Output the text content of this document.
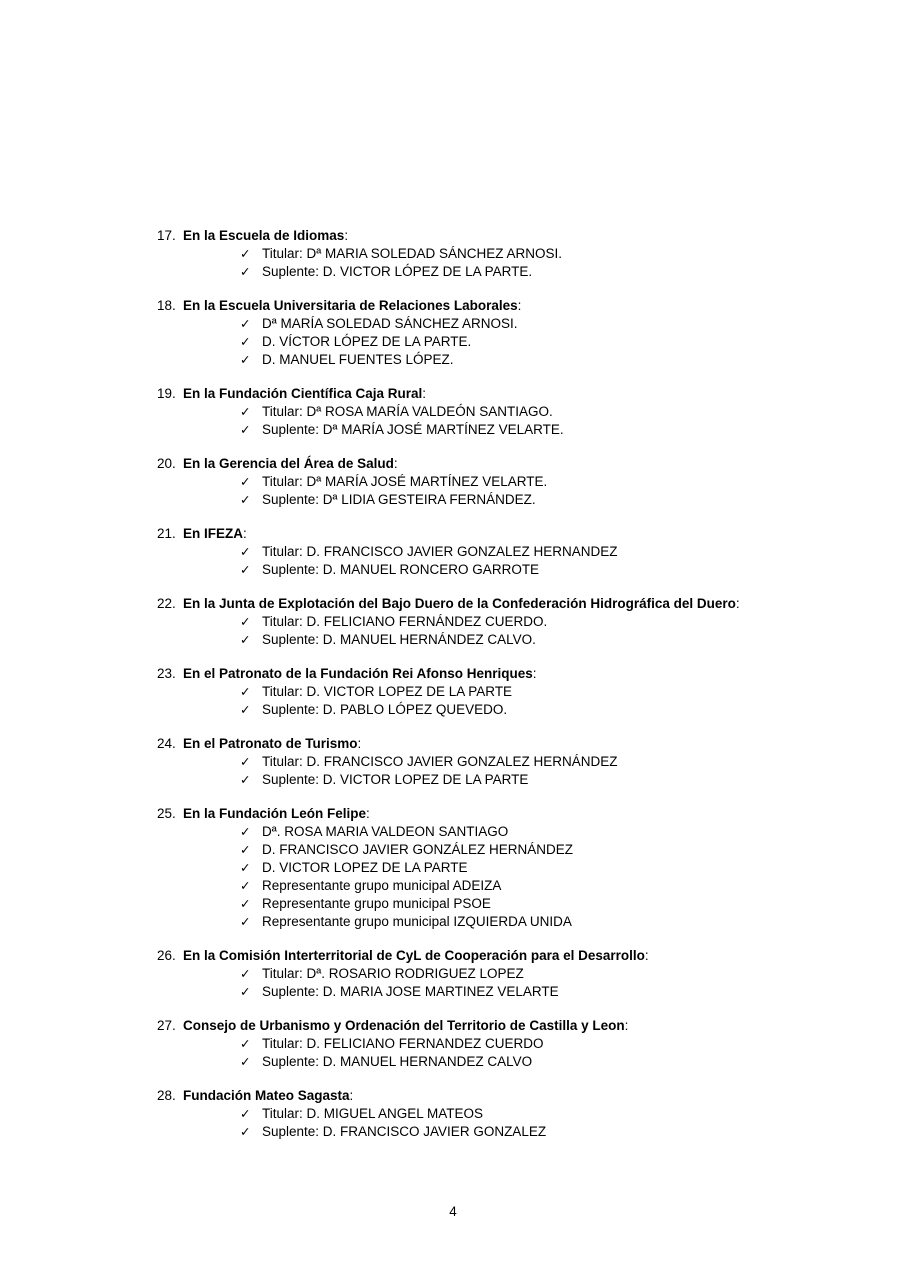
17. En la Escuela de Idiomas:
✓ Titular: Dª MARIA SOLEDAD SÁNCHEZ ARNOSI.
✓ Suplente: D. VICTOR LÓPEZ DE LA PARTE.
18. En la Escuela Universitaria de Relaciones Laborales:
✓ Dª MARÍA SOLEDAD SÁNCHEZ ARNOSI.
✓ D. VÍCTOR LÓPEZ DE LA PARTE.
✓ D. MANUEL FUENTES LÓPEZ.
19. En la Fundación Científica Caja Rural:
✓ Titular: Dª ROSA MARÍA VALDEÓN SANTIAGO.
✓ Suplente: Dª MARÍA JOSÉ MARTÍNEZ VELARTE.
20. En la Gerencia del Área de Salud:
✓ Titular: Dª MARÍA JOSÉ MARTÍNEZ VELARTE.
✓ Suplente: Dª LIDIA GESTEIRA FERNÁNDEZ.
21. En IFEZA:
✓ Titular: D. FRANCISCO JAVIER GONZALEZ HERNANDEZ
✓ Suplente: D. MANUEL RONCERO GARROTE
22. En la Junta de Explotación del Bajo Duero de la Confederación Hidrográfica del Duero:
✓ Titular: D. FELICIANO FERNÁNDEZ CUERDO.
✓ Suplente: D. MANUEL HERNÁNDEZ CALVO.
23. En el Patronato de la Fundación Rei Afonso Henriques:
✓ Titular: D. VICTOR LOPEZ DE LA PARTE
✓ Suplente: D. PABLO LÓPEZ QUEVEDO.
24. En el Patronato de Turismo:
✓ Titular: D. FRANCISCO JAVIER GONZALEZ HERNÁNDEZ
✓ Suplente: D. VICTOR LOPEZ DE LA PARTE
25. En la Fundación León Felipe:
✓ Dª. ROSA MARIA VALDEON SANTIAGO
✓ D. FRANCISCO JAVIER GONZÁLEZ HERNÁNDEZ
✓ D. VICTOR LOPEZ DE LA PARTE
✓ Representante grupo municipal ADEIZA
✓ Representante grupo municipal PSOE
✓ Representante grupo municipal IZQUIERDA UNIDA
26. En la Comisión Interterritorial de CyL de Cooperación para el Desarrollo:
✓ Titular: Dª. ROSARIO RODRIGUEZ LOPEZ
✓ Suplente: D. MARIA JOSE MARTINEZ VELARTE
27. Consejo de Urbanismo y Ordenación del Territorio de Castilla y Leon:
✓ Titular: D. FELICIANO FERNANDEZ CUERDO
✓ Suplente: D. MANUEL HERNANDEZ CALVO
28. Fundación Mateo Sagasta:
✓ Titular: D. MIGUEL ANGEL MATEOS
✓ Suplente: D. FRANCISCO JAVIER GONZALEZ
4
